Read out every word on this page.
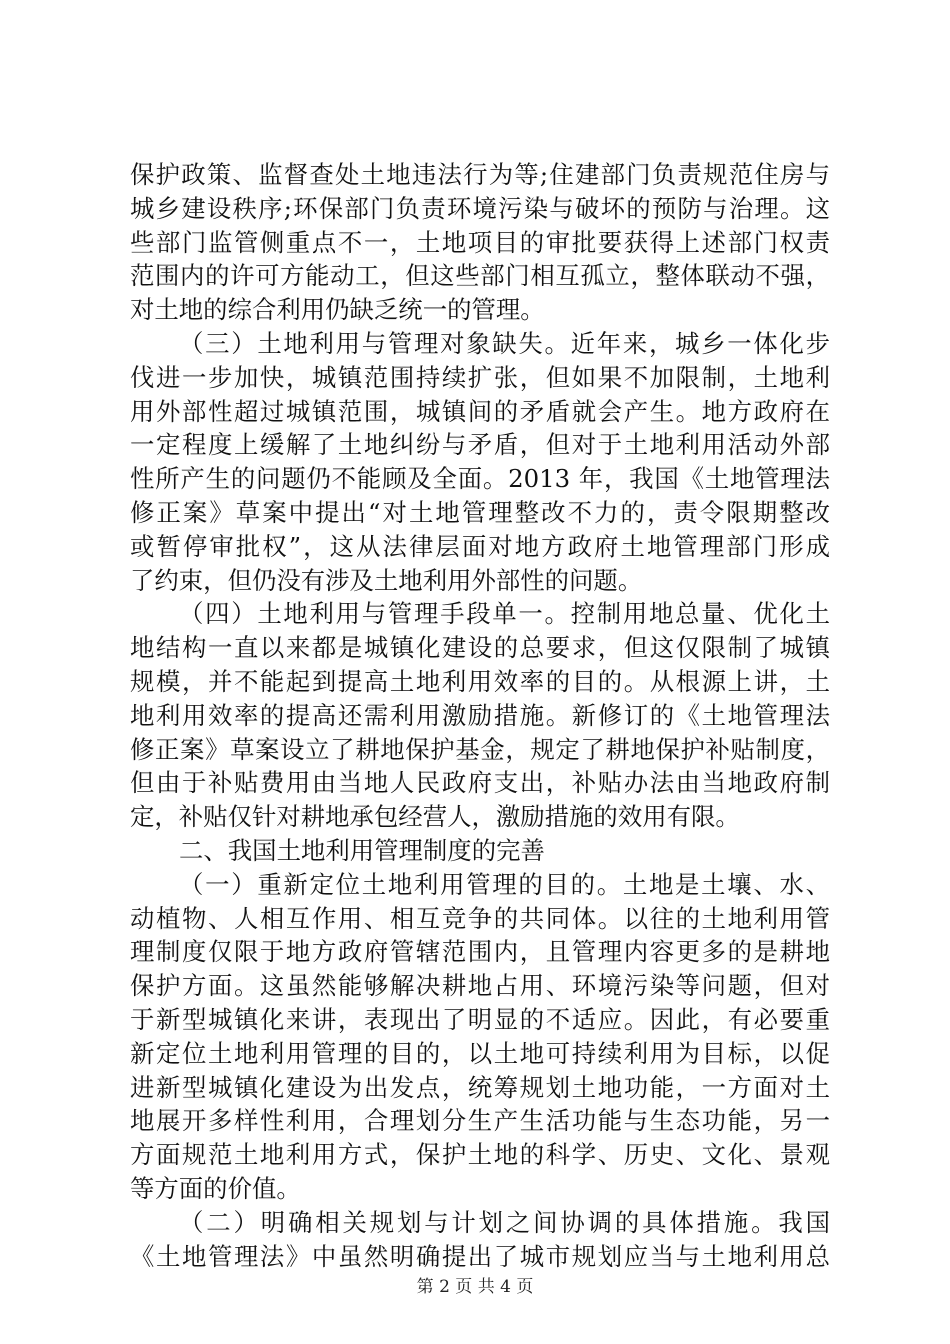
保护政策、监督查处土地违法行为等;住建部门负责规范住房与
城乡建设秩序;环保部门负责环境污染与破坏的预防与治理。这
些部门监管侧重点不一，土地项目的审批要获得上述部门权责
范围内的许可方能动工，但这些部门相互孤立，整体联动不强，
对土地的综合利用仍缺乏统一的管理。
（三）土地利用与管理对象缺失。近年来，城乡一体化步
伐进一步加快，城镇范围持续扩张，但如果不加限制，土地利
用外部性超过城镇范围，城镇间的矛盾就会产生。地方政府在
一定程度上缓解了土地纠纷与矛盾，但对于土地利用活动外部
性所产生的问题仍不能顾及全面。2013 年，我国《土地管理法
修正案》草案中提出“对土地管理整改不力的，责令限期整改
或暂停审批权”，这从法律层面对地方政府土地管理部门形成
了约束，但仍没有涉及土地利用外部性的问题。
（四）土地利用与管理手段单一。控制用地总量、优化土
地结构一直以来都是城镇化建设的总要求，但这仅限制了城镇
规模，并不能起到提高土地利用效率的目的。从根源上讲，土
地利用效率的提高还需利用激励措施。新修订的《土地管理法
修正案》草案设立了耕地保护基金，规定了耕地保护补贴制度，
但由于补贴费用由当地人民政府支出，补贴办法由当地政府制
定，补贴仅针对耕地承包经营人，激励措施的效用有限。
二、我国土地利用管理制度的完善
（一）重新定位土地利用管理的目的。土地是土壤、水、
动植物、人相互作用、相互竞争的共同体。以往的土地利用管
理制度仅限于地方政府管辖范围内，且管理内容更多的是耕地
保护方面。这虽然能够解决耕地占用、环境污染等问题，但对
于新型城镇化来讲，表现出了明显的不适应。因此，有必要重
新定位土地利用管理的目的，以土地可持续利用为目标，以促
进新型城镇化建设为出发点，统筹规划土地功能，一方面对土
地展开多样性利用，合理划分生产生活功能与生态功能，另一
方面规范土地利用方式，保护土地的科学、历史、文化、景观
等方面的价值。
（二）明确相关规划与计划之间协调的具体措施。我国
《土地管理法》中虽然明确提出了城市规划应当与土地利用总
第 2 页 共 4 页
